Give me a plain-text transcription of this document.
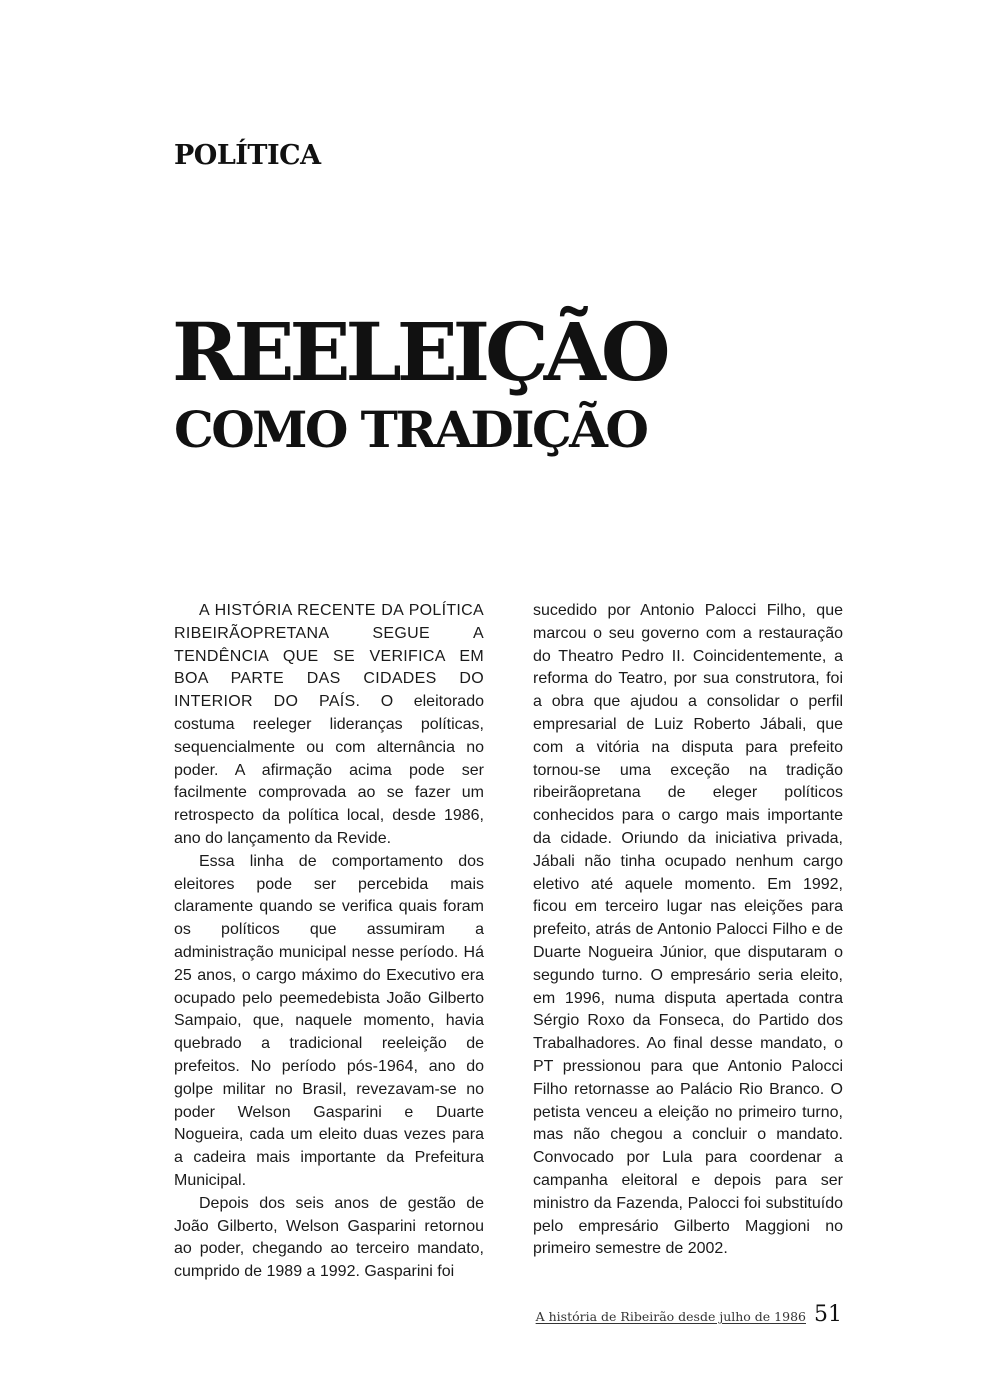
POLÍTICA
REELEIÇÃO
COMO TRADIÇÃO

A HISTÓRIA RECENTE DA POLÍTICA RIBEIRÃOPRETANA SEGUE A TENDÊNCIA QUE SE VERIFICA EM BOA PARTE DAS CIDADES DO INTERIOR DO PAÍS. O eleitorado costuma reeleger lideranças políticas, sequencialmente ou com alternância no poder. A afirmação acima pode ser facilmente comprovada ao se fazer um retrospecto da política local, desde 1986, ano do lançamento da Revide.

Essa linha de comportamento dos eleitores pode ser percebida mais claramente quando se verifica quais foram os políticos que assumiram a administração municipal nesse período. Há 25 anos, o cargo máximo do Executivo era ocupado pelo peemedebista João Gilberto Sampaio, que, naquele momento, havia quebrado a tradicional reeleição de prefeitos. No período pós-1964, ano do golpe militar no Brasil, revezavam-se no poder Welson Gasparini e Duarte Nogueira, cada um eleito duas vezes para a cadeira mais importante da Prefeitura Municipal.

Depois dos seis anos de gestão de João Gilberto, Welson Gasparini retornou ao poder, chegando ao terceiro mandato, cumprido de 1989 a 1992. Gasparini foi

sucedido por Antonio Palocci Filho, que marcou o seu governo com a restauração do Theatro Pedro II. Coincidentemente, a reforma do Teatro, por sua construtora, foi a obra que ajudou a consolidar o perfil empresarial de Luiz Roberto Jábali, que com a vitória na disputa para prefeito tornou-se uma exceção na tradição ribeirãopretana de eleger políticos conhecidos para o cargo mais importante da cidade. Oriundo da iniciativa privada, Jábali não tinha ocupado nenhum cargo eletivo até aquele momento. Em 1992, ficou em terceiro lugar nas eleições para prefeito, atrás de Antonio Palocci Filho e de Duarte Nogueira Júnior, que disputaram o segundo turno. O empresário seria eleito, em 1996, numa disputa apertada contra Sérgio Roxo da Fonseca, do Partido dos Trabalhadores. Ao final desse mandato, o PT pressionou para que Antonio Palocci Filho retornasse ao Palácio Rio Branco. O petista venceu a eleição no primeiro turno, mas não chegou a concluir o mandato. Convocado por Lula para coordenar a campanha eleitoral e depois para ser ministro da Fazenda, Palocci foi substituído pelo empresário Gilberto Maggioni no primeiro semestre de 2002.

A história de Ribeirão desde julho de 1986 51
